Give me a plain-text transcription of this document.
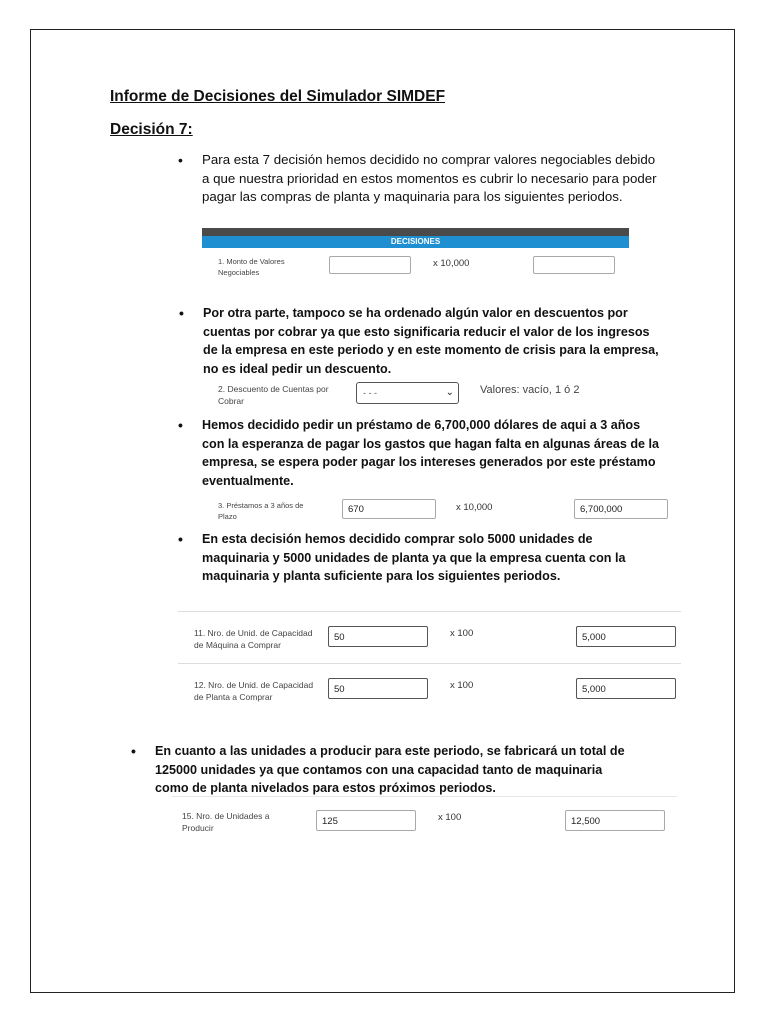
Informe de Decisiones del Simulador SIMDEF
Decisión 7:

• Para esta 7 decisión hemos decidido no comprar valores negociables debido a que nuestra prioridad en estos momentos es cubrir lo necesario para poder pagar las compras de planta y maquinaria para los siguientes periodos.

DECISIONES
1. Monto de Valores Negociables
x 10,000

• Por otra parte, tampoco se ha ordenado algún valor en descuentos por cuentas por cobrar ya que esto significaria reducir el valor de los ingresos de la empresa en este periodo y en este momento de crisis para la empresa, no es ideal pedir un descuento.

2. Descuento de Cuentas por Cobrar
- - -	⌄ Valores: vacío, 1 ó 2

• Hemos decidido pedir un préstamo de 6,700,000 dólares de aqui a 3 años con la esperanza de pagar los gastos que hagan falta en algunas áreas de la empresa, se espera poder pagar los intereses generados por este préstamo eventualmente.

3. Préstamos a 3 años de Plazo
670	x 10,000	6,700,000

• En esta decisión hemos decidido comprar solo 5000 unidades de maquinaria y 5000 unidades de planta ya que la empresa cuenta con la maquinaria y planta suficiente para los siguientes periodos.

11. Nro. de Unid. de Capacidad de Máquina a Comprar
50	x 100	5,000
12. Nro. de Unid. de Capacidad de Planta a Comprar
50	x 100	5,000

• En cuanto a las unidades a producir para este periodo, se fabricará un total de 125000 unidades ya que contamos con una capacidad tanto de maquinaria como de planta nivelados para estos próximos periodos.

15. Nro. de Unidades a Producir
125	x 100	12,500
